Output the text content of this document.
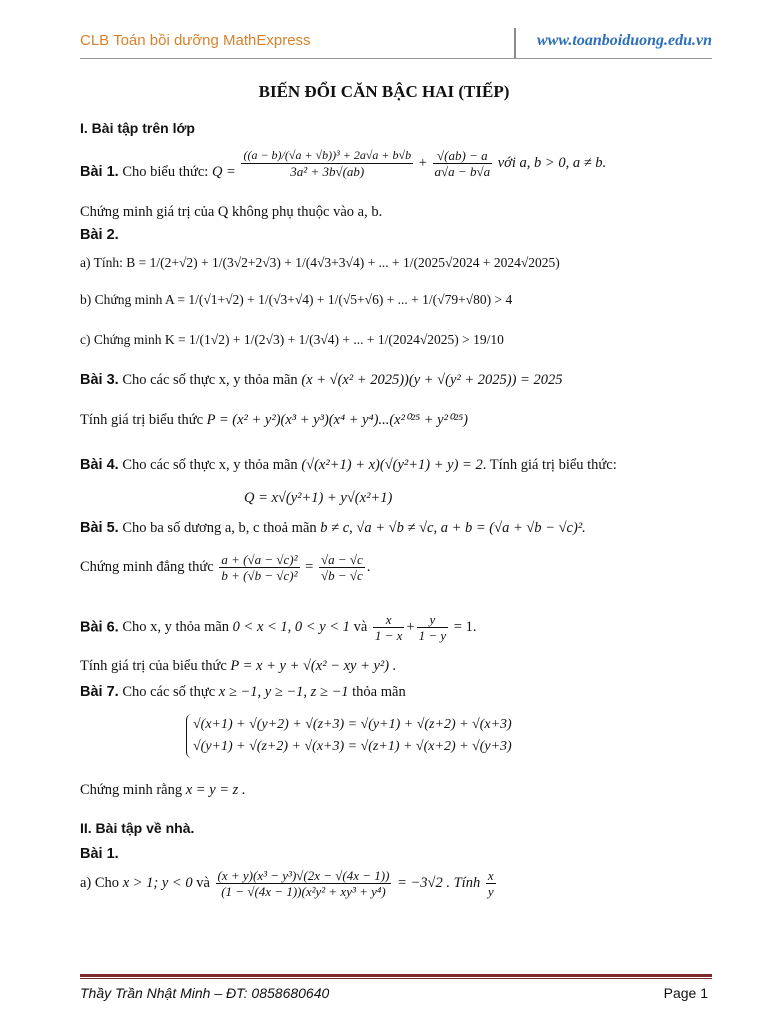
CLB Toán bồi dưỡng MathExpress	www.toanboiduong.edu.vn
BIẾN ĐỔI CĂN BẬC HAI (TIẾP)
I. Bài tập trên lớp
Bài 1. Cho biểu thức: $Q = \frac{\text{((a − b)/(√a + √b))³ + 2a√a + b√b}}{\text{3a² + 3b√(ab)}} + \frac{√(ab) - a}{a√a - b√a}$ với a, b > 0, a ≠ b.
Chứng minh giá trị của Q không phụ thuộc vào a, b.
Bài 2.
a) Tính: B = 1/(2+√2) + 1/(3√2+2√3) + 1/(4√3+3√4) + ... + 1/(2025√2024 + 2024√2025)
b) Chứng minh A = 1/(√1+√2) + 1/(√3+√4) + 1/(√5+√6) + ... + 1/(√79+√80) > 4
c) Chứng minh K = 1/(1√2) + 1/(2√3) + 1/(3√4) + ... + 1/(2024√2025) > 19/10
Bài 3. Cho các số thực x, y thỏa mãn (x + √(x² + 2025))(y + √(y² + 2025)) = 2025
Tính giá trị biểu thức P = (x² + y²)(x³ + y³)(x⁴ + y⁴)...(x²⁰²⁵ + y²⁰²⁵)
Bài 4. Cho các số thực x, y thỏa mãn (√(x²+1) + x)(√(y²+1) + y) = 2. Tính giá trị biểu thức:
Q = x√(y²+1) + y√(x²+1)
Bài 5. Cho ba số dương a, b, c thoả mãn b ≠ c, √a + √b ≠ √c, a + b = (√a + √b − √c)².
Chứng minh đẳng thức $\frac{\text{a + (√a − √c)²}}{\text{b + (√b − √c)²}} = \frac{√a - √c}{√b - √c}$ .
Bài 6. Cho x, y thỏa mãn 0 < x < 1, 0 < y < 1 và $\frac{x}{1 - x} + \frac{y}{1 - y} = 1$.
Tính giá trị của biểu thức P = x + y + √(x² − xy + y²) .
Bài 7. Cho các số thực x ≥ −1, y ≥ −1, z ≥ −1 thỏa mãn
√(x+1) + √(y+2) + √(z+3) = √(y+1) + √(z+2) + √(x+3)
√(y+1) + √(z+2) + √(x+3) = √(z+1) + √(x+2) + √(y+3)
Chứng minh rằng x = y = z .
II. Bài tập về nhà.
Bài 1.
a) Cho x > 1; y < 0 và $\frac{\text{(x + y)(x³ − y³)√(2x − √(4x − 1))}}{\text{(1 − √(4x − 1))(x²y² + xy³ + y⁴)}} = -3√2$ . Tính $\frac{x}{y}$
Thầy Trần Nhật Minh – ĐT: 0858680640	Page 1
